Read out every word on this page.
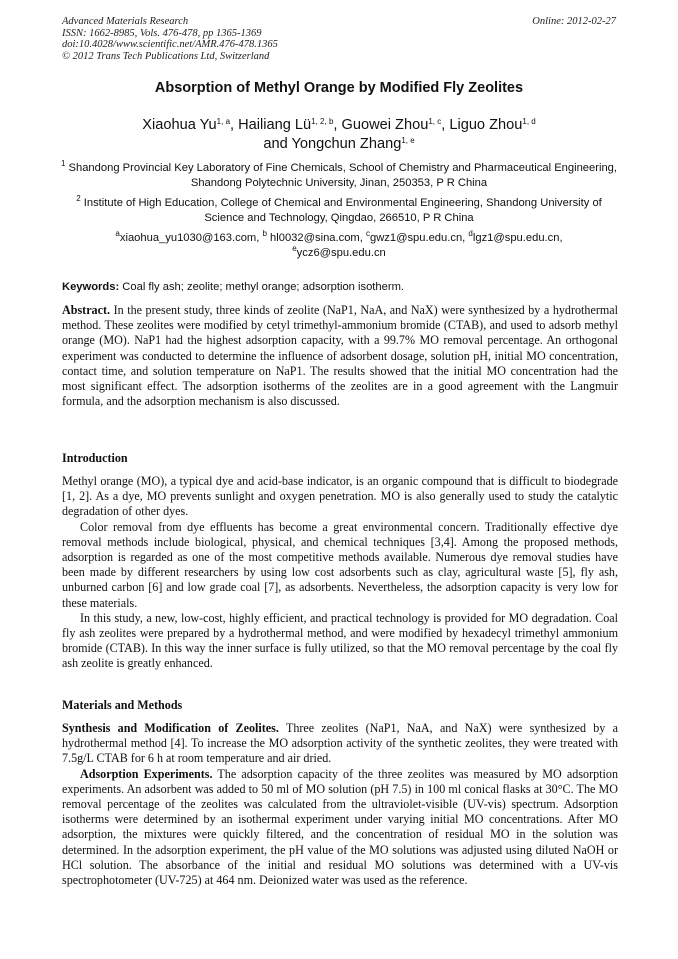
Advanced Materials Research
ISSN: 1662-8985, Vols. 476-478, pp 1365-1369
doi:10.4028/www.scientific.net/AMR.476-478.1365
© 2012 Trans Tech Publications Ltd, Switzerland
Online: 2012-02-27
Absorption of Methyl Orange by Modified Fly Zeolites
Xiaohua Yu$^{1, a}$, Hailiang Lü$^{1, 2, b}$, Guowei Zhou$^{1, c}$, Liguo Zhou$^{1, d}$
and Yongchun Zhang$^{1, e}$
$^1$ Shandong Provincial Key Laboratory of Fine Chemicals, School of Chemistry and Pharmaceutical Engineering, Shandong Polytechnic University, Jinan, 250353, P R China
$^2$ Institute of High Education, College of Chemical and Environmental Engineering, Shandong University of Science and Technology, Qingdao, 266510, P R China
$^a$xiaohua_yu1030@163.com, $^b$ hl0032@sina.com, $^c$gwz1@spu.edu.cn, $^d$lgz1@spu.edu.cn,
$^e$ycz6@spu.edu.cn
Keywords: Coal fly ash; zeolite; methyl orange; adsorption isotherm.

Abstract. In the present study, three kinds of zeolite (NaP1, NaA, and NaX) were synthesized by a hydrothermal method. These zeolites were modified by cetyl trimethyl-ammonium bromide (CTAB), and used to adsorb methyl orange (MO). NaP1 had the highest adsorption capacity, with a 99.7% MO removal percentage. An orthogonal experiment was conducted to determine the influence of adsorbent dosage, solution pH, initial MO concentration, contact time, and solution temperature on NaP1. The results showed that the initial MO concentration had the most significant effect. The adsorption isotherms of the zeolites are in a good agreement with the Langmuir formula, and the adsorption mechanism is also discussed.

Introduction

Methyl orange (MO), a typical dye and acid-base indicator, is an organic compound that is difficult to biodegrade [1, 2]. As a dye, MO prevents sunlight and oxygen penetration. MO is also generally used to study the catalytic degradation of other dyes.

Color removal from dye effluents has become a great environmental concern. Traditionally effective dye removal methods include biological, physical, and chemical techniques [3,4]. Among the proposed methods, adsorption is regarded as one of the most competitive methods available. Numerous dye removal studies have been made by different researchers by using low cost adsorbents such as clay, agricultural waste [5], fly ash, unburned carbon [6] and low grade coal [7], as adsorbents. Nevertheless, the adsorption capacity is very low for these materials.

In this study, a new, low-cost, highly efficient, and practical technology is provided for MO degradation. Coal fly ash zeolites were prepared by a hydrothermal method, and were modified by hexadecyl trimethyl ammonium bromide (CTAB). In this way the inner surface is fully utilized, so that the MO removal percentage by the coal fly ash zeolite is greatly enhanced.

Materials and Methods

Synthesis and Modification of Zeolites. Three zeolites (NaP1, NaA, and NaX) were synthesized by a hydrothermal method [4]. To increase the MO adsorption activity of the synthetic zeolites, they were treated with 7.5g/L CTAB for 6 h at room temperature and air dried.

Adsorption Experiments. The adsorption capacity of the three zeolites was measured by MO adsorption experiments. An adsorbent was added to 50 ml of MO solution (pH 7.5) in 100 ml conical flasks at 30°C. The MO removal percentage of the zeolites was calculated from the ultraviolet-visible (UV-vis) spectrum. Adsorption isotherms were determined by an isothermal experiment under varying initial MO concentrations. After MO adsorption, the mixtures were quickly filtered, and the concentration of residual MO in the solution was determined. In the adsorption experiment, the pH value of the MO solutions was adjusted using diluted NaOH or HCl solution. The absorbance of the initial and residual MO solutions was determined with a UV-vis spectrophotometer (UV-725) at 464 nm. Deionized water was used as the reference.
